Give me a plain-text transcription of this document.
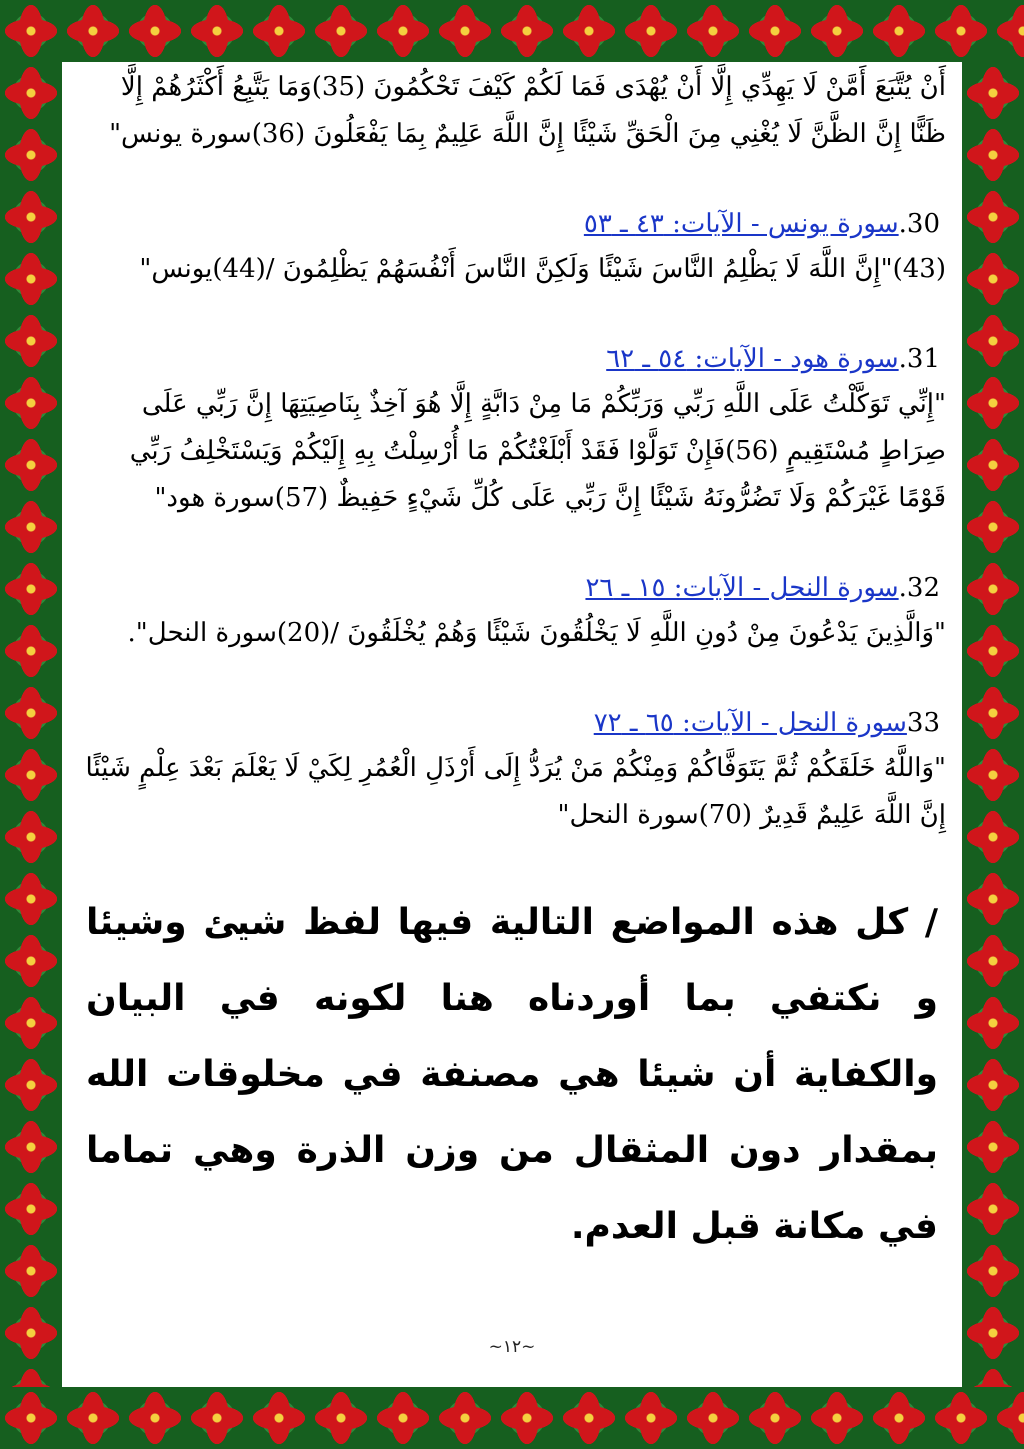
أَنْ يُتَّبَعَ أَمَّنْ لَا يَهِدِّي إِلَّا أَنْ يُهْدَى فَمَا لَكُمْ كَيْفَ تَحْكُمُونَ (35)وَمَا يَتَّبِعُ أَكْثَرُهُمْ إِلَّا ظَنًّا إِنَّ الظَّنَّ لَا يُغْنِي مِنَ الْحَقِّ شَيْئًا إِنَّ اللَّهَ عَلِيمٌ بِمَا يَفْعَلُونَ (36)سورة يونس"

30.سورة يونس - الآيات: ٤٣ ـ ٥٣

(43)"إِنَّ اللَّهَ لَا يَظْلِمُ النَّاسَ شَيْئًا وَلَكِنَّ النَّاسَ أَنْفُسَهُمْ يَظْلِمُونَ /(44)يونس"

31.سورة هود - الآيات: ٥٤ ـ ٦٢

"إِنِّي تَوَكَّلْتُ عَلَى اللَّهِ رَبِّي وَرَبِّكُمْ مَا مِنْ دَابَّةٍ إِلَّا هُوَ آخِذٌ بِنَاصِيَتِهَا إِنَّ رَبِّي عَلَى صِرَاطٍ مُسْتَقِيمٍ (56)فَإِنْ تَوَلَّوْا فَقَدْ أَبْلَغْتُكُمْ مَا أُرْسِلْتُ بِهِ إِلَيْكُمْ وَيَسْتَخْلِفُ رَبِّي قَوْمًا غَيْرَكُمْ وَلَا تَضُرُّونَهُ شَيْئًا إِنَّ رَبِّي عَلَى كُلِّ شَيْءٍ حَفِيظٌ (57)سورة هود"

32.سورة النحل - الآيات: ١٥ ـ ٢٦

"وَالَّذِينَ يَدْعُونَ مِنْ دُونِ اللَّهِ لَا يَخْلُقُونَ شَيْئًا وَهُمْ يُخْلَقُونَ /(20)سورة النحل".

33سورة النحل - الآيات: ٦٥ ـ ٧٢

"وَاللَّهُ خَلَقَكُمْ ثُمَّ يَتَوَفَّاكُمْ وَمِنْكُمْ مَنْ يُرَدُّ إِلَى أَرْذَلِ الْعُمُرِ لِكَيْ لَا يَعْلَمَ بَعْدَ عِلْمٍ شَيْئًا إِنَّ اللَّهَ عَلِيمٌ قَدِيرٌ (70)سورة النحل"

/ كل هذه المواضع التالية فيها لفظ شيئ وشيئا و نكتفي بما أوردناه هنا لكونه في البيان والكفاية أن شيئا هي مصنفة في مخلوقات الله بمقدار دون المثقال من وزن الذرة وهي تماما في مكانة قبل العدم.

~١٢~
